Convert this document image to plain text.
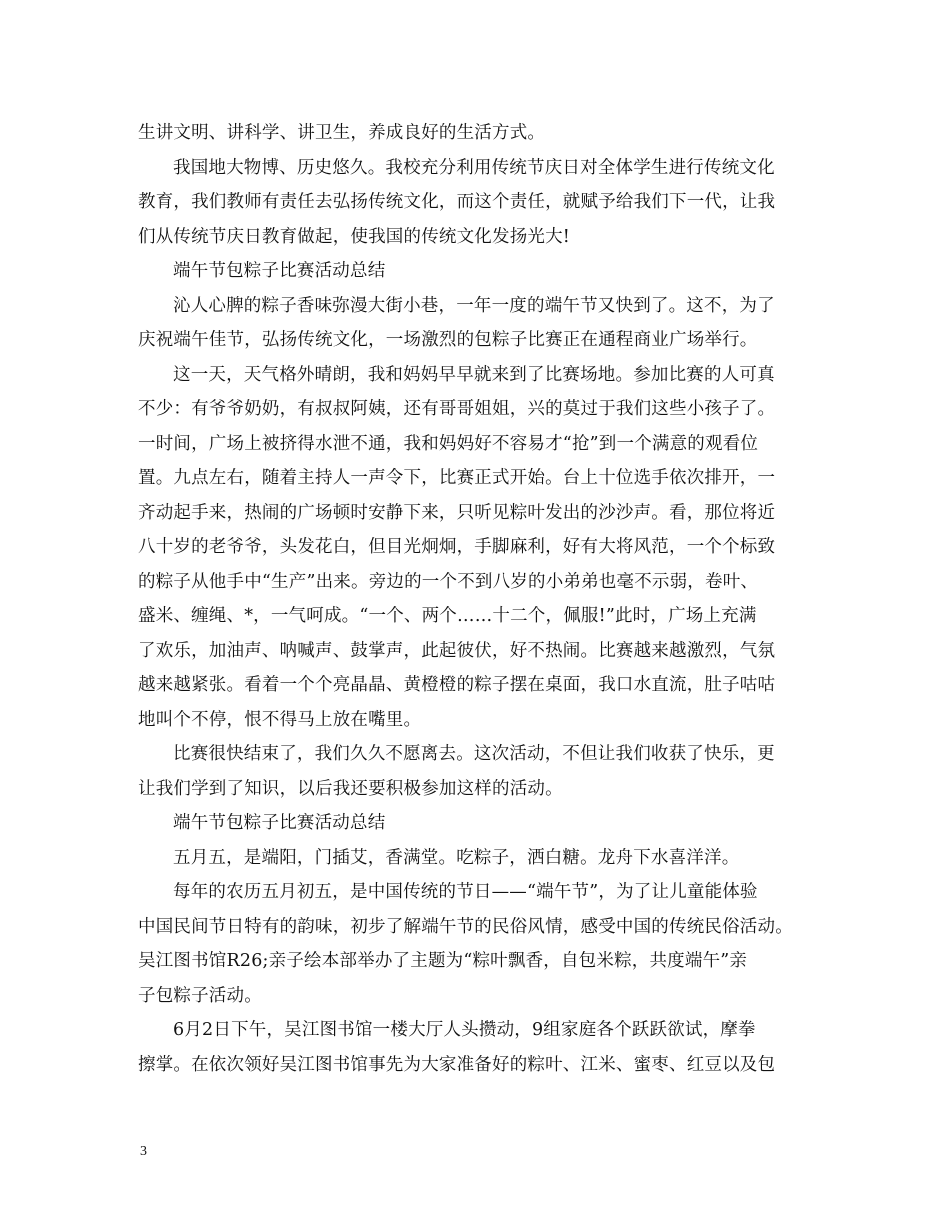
生讲文明、讲科学、讲卫生，养成良好的生活方式。
我国地大物博、历史悠久。我校充分利用传统节庆日对全体学生进行传统文化
教育，我们教师有责任去弘扬传统文化，而这个责任，就赋予给我们下一代，让我
们从传统节庆日教育做起，使我国的传统文化发扬光大!
端午节包粽子比赛活动总结
沁人心脾的粽子香味弥漫大街小巷，一年一度的端午节又快到了。这不，为了
庆祝端午佳节，弘扬传统文化，一场激烈的包粽子比赛正在通程商业广场举行。
这一天，天气格外晴朗，我和妈妈早早就来到了比赛场地。参加比赛的人可真
不少：有爷爷奶奶，有叔叔阿姨，还有哥哥姐姐，兴的莫过于我们这些小孩子了。
一时间，广场上被挤得水泄不通，我和妈妈好不容易才“抢”到一个满意的观看位
置。九点左右，随着主持人一声令下，比赛正式开始。台上十位选手依次排开，一
齐动起手来，热闹的广场顿时安静下来，只听见粽叶发出的沙沙声。看，那位将近
八十岁的老爷爷，头发花白，但目光炯炯，手脚麻利，好有大将风范，一个个标致
的粽子从他手中“生产”出来。旁边的一个不到八岁的小弟弟也毫不示弱，卷叶、
盛米、缠绳、*，一气呵成。“一个、两个……十二个，佩服!”此时，广场上充满
了欢乐，加油声、呐喊声、鼓掌声，此起彼伏，好不热闹。比赛越来越激烈，气氛
越来越紧张。看着一个个亮晶晶、黄橙橙的粽子摆在桌面，我口水直流，肚子咕咕
地叫个不停，恨不得马上放在嘴里。
比赛很快结束了，我们久久不愿离去。这次活动，不但让我们收获了快乐，更
让我们学到了知识，以后我还要积极参加这样的活动。
端午节包粽子比赛活动总结
五月五，是端阳，门插艾，香满堂。吃粽子，洒白糖。龙舟下水喜洋洋。
每年的农历五月初五，是中国传统的节日——“端午节”，为了让儿童能体验
中国民间节日特有的韵味，初步了解端午节的民俗风情，感受中国的传统民俗活动。
吴江图书馆R26;亲子绘本部举办了主题为“粽叶飘香，自包米粽，共度端午”亲
子包粽子活动。
6月2日下午，吴江图书馆一楼大厅人头攒动，9组家庭各个跃跃欲试，摩拳
擦掌。在依次领好吴江图书馆事先为大家准备好的粽叶、江米、蜜枣、红豆以及包
3
